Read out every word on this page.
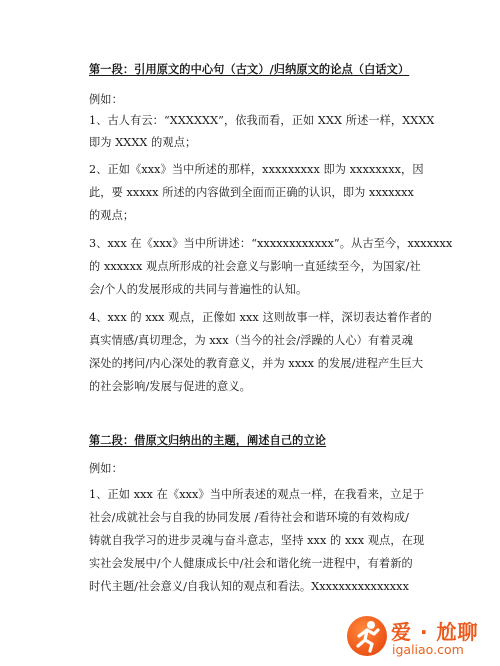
第一段：引用原文的中心句（古文）/归纳原文的论点（白话文）
例如：
1、古人有云：“XXXXXX”，依我而看，正如 XXX 所述一样，XXXX
即为 XXXX 的观点；
2、正如《xxx》当中所述的那样，xxxxxxxxx 即为 xxxxxxxx，因
此，要 xxxxx 所述的内容做到全面而正确的认识，即为 xxxxxxx
的观点；
3、xxx 在《xxx》当中所讲述：“xxxxxxxxxxxx”。从古至今，xxxxxxx
的 xxxxxx 观点所形成的社会意义与影响一直延续至今，为国家/社
会/个人的发展形成的共同与普遍性的认知。
4、xxx 的 xxx 观点，正像如 xxx 这则故事一样，深切表达着作者的
真实情感/真切理念，为 xxx（当今的社会/浮躁的人心）有着灵魂
深处的拷问/内心深处的教育意义，并为 xxxx 的发展/进程产生巨大
的社会影响/发展与促进的意义。
第二段：借原文归纳出的主题，阐述自己的立论
例如：
1、正如 xxx 在《xxx》当中所表述的观点一样，在我看来，立足于
社会/成就社会与自我的协同发展 /看待社会和谐环境的有效构成/
铸就自我学习的进步灵魂与奋斗意志，坚持 xxx 的 xxx 观点，在现
实社会发展中/个人健康成长中/社会和谐化统一进程中，有着新的
时代主题/社会意义/自我认知的观点和看法。Xxxxxxxxxxxxxxx
爱 · 尬聊
igaliao.com
